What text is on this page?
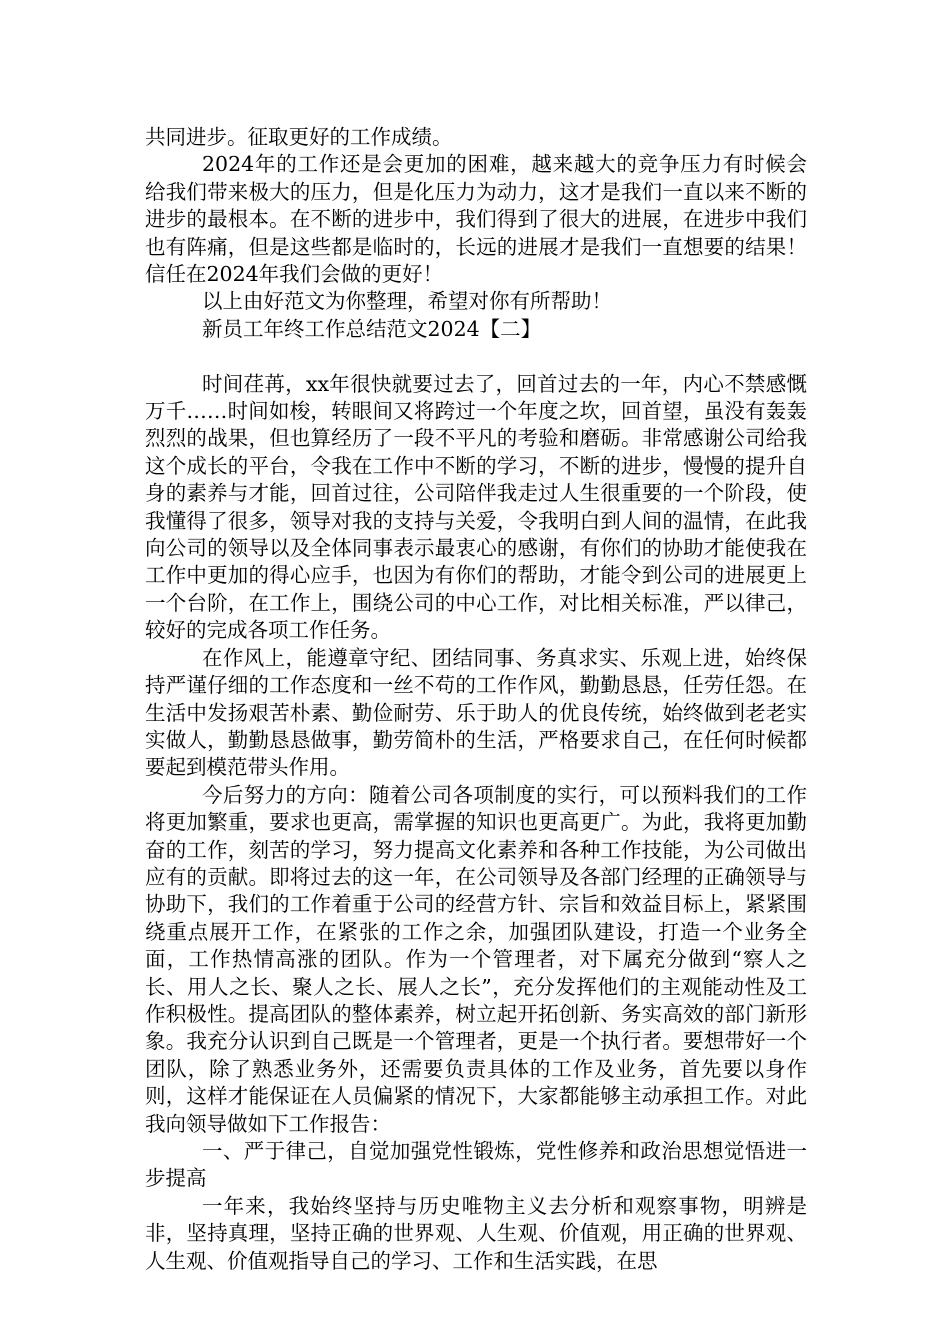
共同进步。征取更好的工作成绩。

2024年的工作还是会更加的困难，越来越大的竞争压力有时候会给我们带来极大的压力，但是化压力为动力，这才是我们一直以来不断的进步的最根本。在不断的进步中，我们得到了很大的进展，在进步中我们也有阵痛，但是这些都是临时的，长远的进展才是我们一直想要的结果！信任在2024年我们会做的更好！

以上由好范文为你整理，希望对你有所帮助！

新员工年终工作总结范文2024【二】

时间荏苒，xx年很快就要过去了，回首过去的一年，内心不禁感慨万千……时间如梭，转眼间又将跨过一个年度之坎，回首望，虽没有轰轰烈烈的战果，但也算经历了一段不平凡的考验和磨砺。非常感谢公司给我这个成长的平台，令我在工作中不断的学习，不断的进步，慢慢的提升自身的素养与才能，回首过往，公司陪伴我走过人生很重要的一个阶段，使我懂得了很多，领导对我的支持与关爱，令我明白到人间的温情，在此我向公司的领导以及全体同事表示最衷心的感谢，有你们的协助才能使我在工作中更加的得心应手，也因为有你们的帮助，才能令到公司的进展更上一个台阶，在工作上，围绕公司的中心工作，对比相关标准，严以律己，较好的完成各项工作任务。

在作风上，能遵章守纪、团结同事、务真求实、乐观上进，始终保持严谨仔细的工作态度和一丝不苟的工作作风，勤勤恳恳，任劳任怨。在生活中发扬艰苦朴素、勤俭耐劳、乐于助人的优良传统，始终做到老老实实做人，勤勤恳恳做事，勤劳简朴的生活，严格要求自己，在任何时候都要起到模范带头作用。

今后努力的方向：随着公司各项制度的实行，可以预料我们的工作将更加繁重，要求也更高，需掌握的知识也更高更广。为此，我将更加勤奋的工作，刻苦的学习，努力提高文化素养和各种工作技能，为公司做出应有的贡献。即将过去的这一年，在公司领导及各部门经理的正确领导与协助下，我们的工作着重于公司的经营方针、宗旨和效益目标上，紧紧围绕重点展开工作，在紧张的工作之余，加强团队建设，打造一个业务全面，工作热情高涨的团队。作为一个管理者，对下属充分做到“察人之长、用人之长、聚人之长、展人之长”，充分发挥他们的主观能动性及工作积极性。提高团队的整体素养，树立起开拓创新、务实高效的部门新形象。我充分认识到自己既是一个管理者，更是一个执行者。要想带好一个团队，除了熟悉业务外，还需要负责具体的工作及业务，首先要以身作则，这样才能保证在人员偏紧的情况下，大家都能够主动承担工作。对此我向领导做如下工作报告：

一、严于律己，自觉加强党性锻炼，党性修养和政治思想觉悟进一步提高

一年来，我始终坚持与历史唯物主义去分析和观察事物，明辨是非，坚持真理，坚持正确的世界观、人生观、价值观，用正确的世界观、人生观、价值观指导自己的学习、工作和生活实践，在思
